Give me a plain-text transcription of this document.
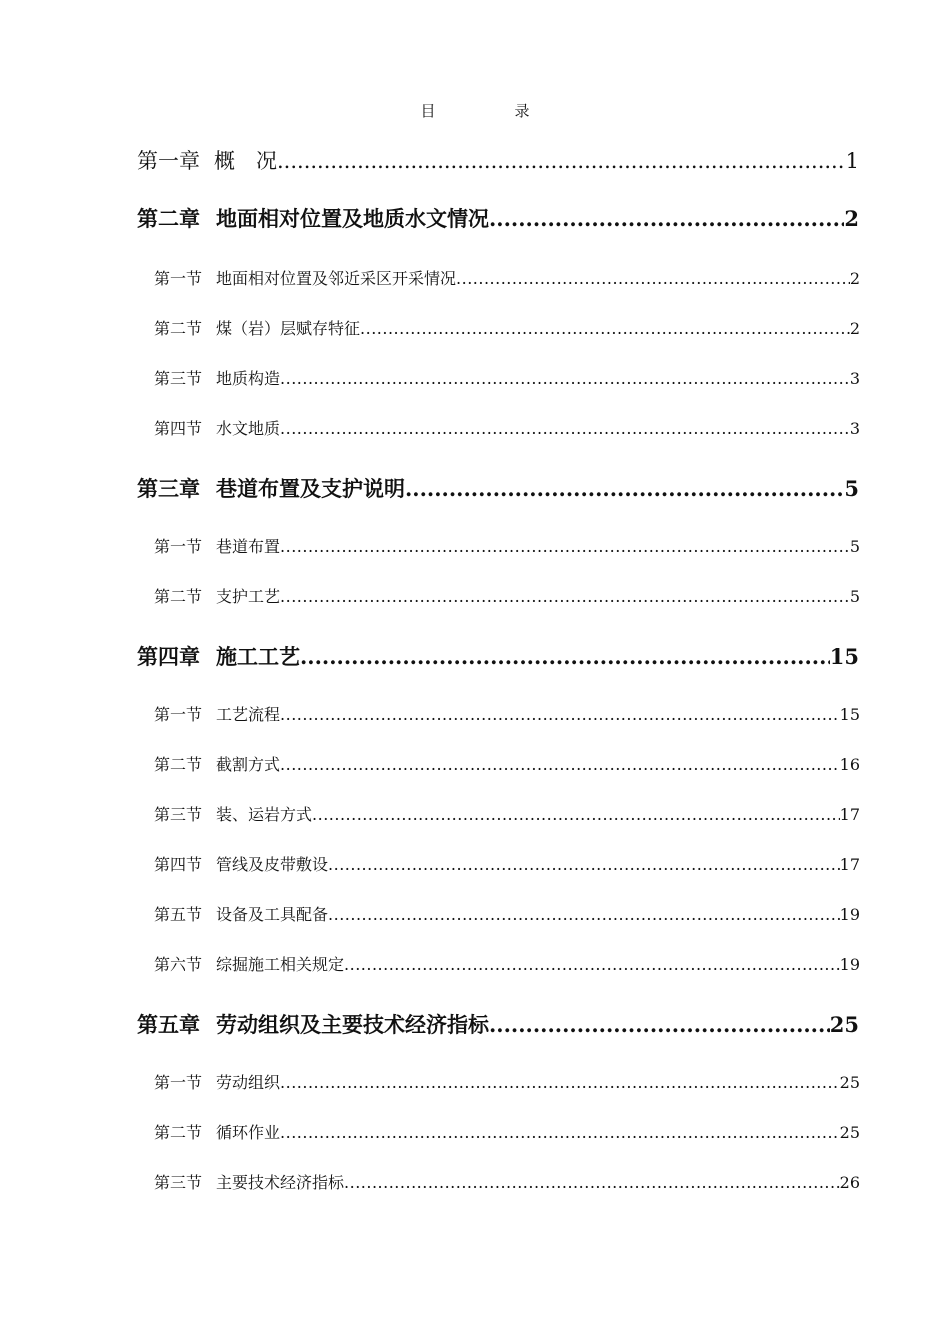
目　录
第一章 概　况 .....	1
第二章 地面相对位置及地质水文情况 .....	2
第一节 地面相对位置及邻近采区开采情况 .....	2
第二节 煤（岩）层赋存特征 .....	2
第三节 地质构造 .....	3
第四节 水文地质 .....	3
第三章 巷道布置及支护说明 .....	5
第一节 巷道布置 .....	5
第二节 支护工艺 .....	5
第四章 施工工艺 .....	15
第一节 工艺流程 .....	15
第二节 截割方式 .....	16
第三节 装、运岩方式 .....	17
第四节 管线及皮带敷设 .....	17
第五节 设备及工具配备 .....	19
第六节 综掘施工相关规定 .....	19
第五章 劳动组织及主要技术经济指标 .....	25
第一节 劳动组织 .....	25
第二节 循环作业 .....	25
第三节 主要技术经济指标 .....	26
